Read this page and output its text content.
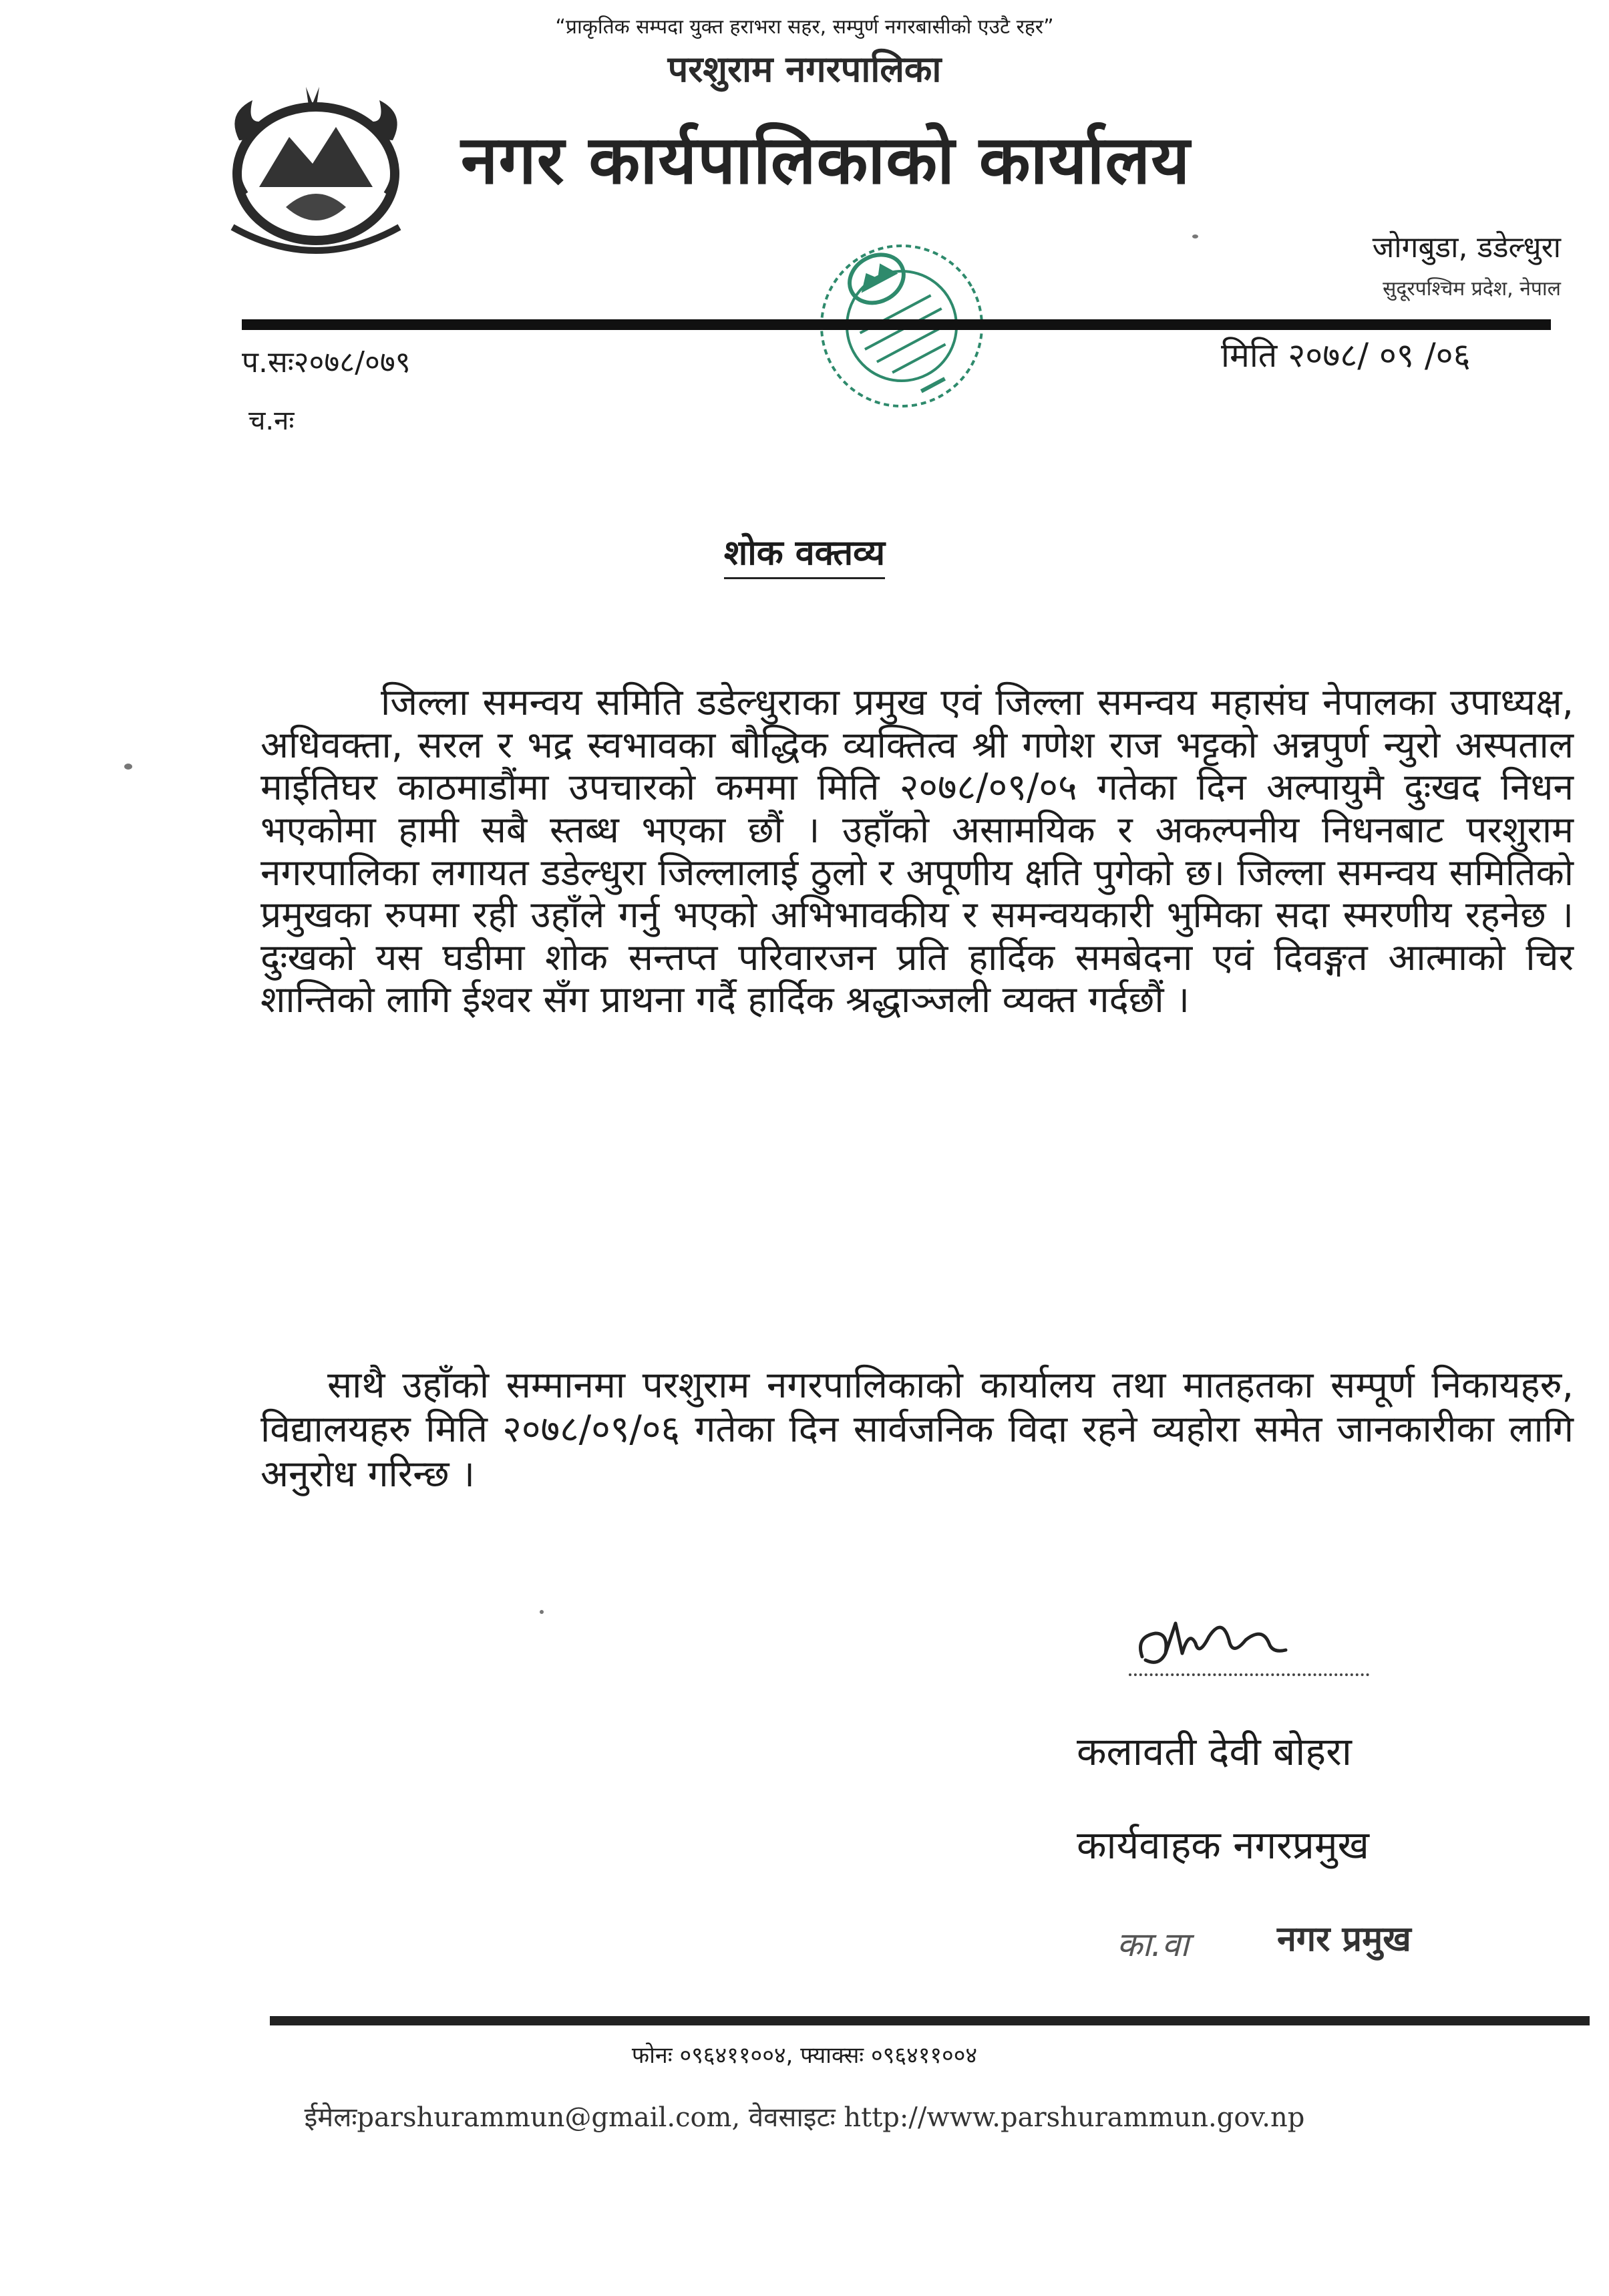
“प्राकृतिक सम्पदा युक्त हराभरा सहर, सम्पुर्ण नगरबासीको एउटै रहर”
परशुराम नगरपालिका
नगर कार्यपालिकाको कार्यालय
जोगबुडा, डडेल्धुरा
सुदूरपश्चिम प्रदेश, नेपाल
प.सः२०७८/०७९
च.नः
मिति २०७८/ ०९ /०६
शोक वक्तव्य

जिल्ला समन्वय समिति डडेल्धुराका प्रमुख एवं जिल्ला समन्वय महासंघ नेपालका उपाध्यक्ष, अधिवक्ता, सरल र भद्र स्वभावका बौद्धिक व्यक्तित्व श्री गणेश राज भट्टको अन्नपुर्ण न्युरो अस्पताल माईतिघर काठमाडौंमा उपचारको कममा मिति २०७८/०९/०५ गतेका दिन अल्पायुमै दुःखद निधन भएकोमा हामी सबै स्तब्ध भएका छौं । उहाँको असामयिक र अकल्पनीय निधनबाट परशुराम नगरपालिका लगायत डडेल्धुरा जिल्लालाई ठुलो र अपूणीय क्षति पुगेको छ। जिल्ला समन्वय समितिको प्रमुखका रुपमा रही उहाँले गर्नु भएको अभिभावकीय र समन्वयकारी भुमिका सदा स्मरणीय रहनेछ । दुःखको यस घडीमा शोक सन्तप्त परिवारजन प्रति हार्दिक समबेदना एवं दिवङ्गत आत्माको चिर शान्तिको लागि ईश्वर सँग प्राथना गर्दै हार्दिक श्रद्धाञ्जली व्यक्त गर्दछौं ।

साथै उहाँको सम्मानमा परशुराम नगरपालिकाको कार्यालय तथा मातहतका सम्पूर्ण निकायहरु, विद्यालयहरु मिति २०७८/०९/०६ गतेका दिन सार्वजनिक विदा रहने व्यहोरा समेत जानकारीका लागि अनुरोध गरिन्छ ।

कलावती देवी बोहरा
कार्यवाहक नगरप्रमुख
का.वा	नगर प्रमुख
फोनः ०९६४११००४, फ्याक्सः ०९६४११००४
ईमेलःparshurammun@gmail.com, वेवसाइटः http://www.parshurammun.gov.np
